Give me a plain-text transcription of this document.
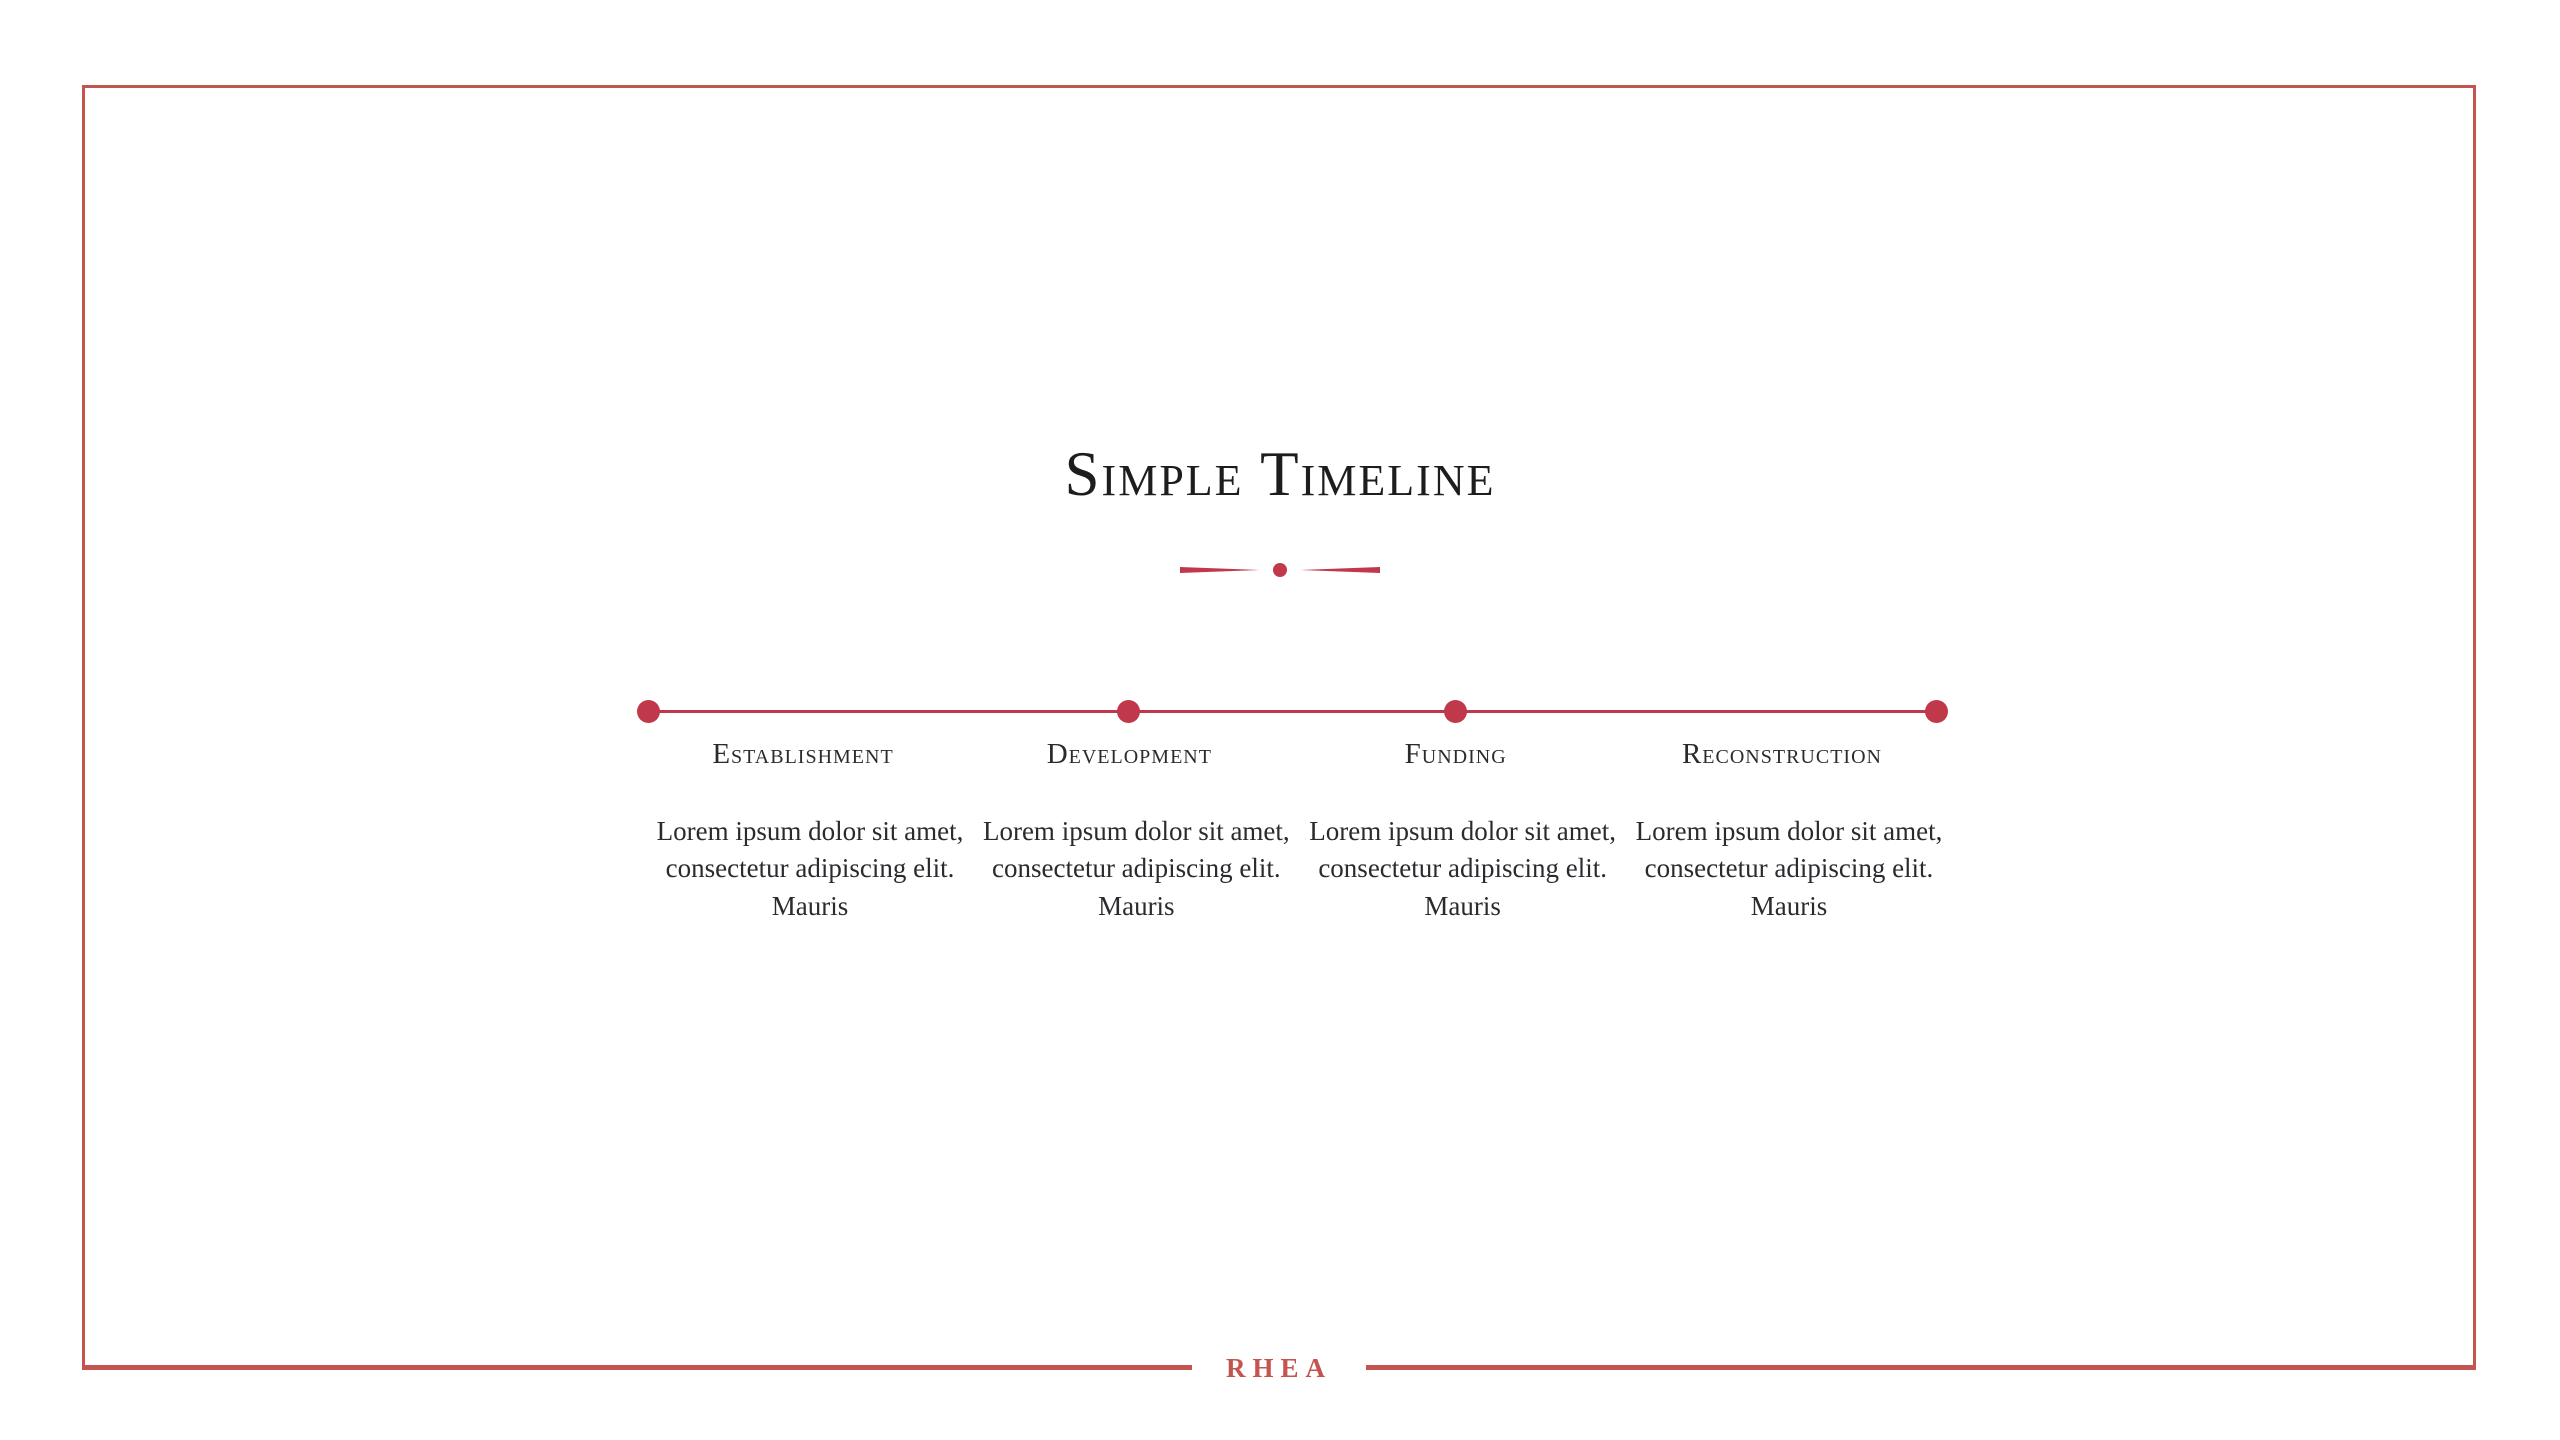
Simple Timeline
Establishment
Lorem ipsum dolor sit amet, consectetur adipiscing elit. Mauris
Development
Lorem ipsum dolor sit amet, consectetur adipiscing elit. Mauris
Funding
Lorem ipsum dolor sit amet, consectetur adipiscing elit. Mauris
Reconstruction
Lorem ipsum dolor sit amet, consectetur adipiscing elit. Mauris
RHEA
